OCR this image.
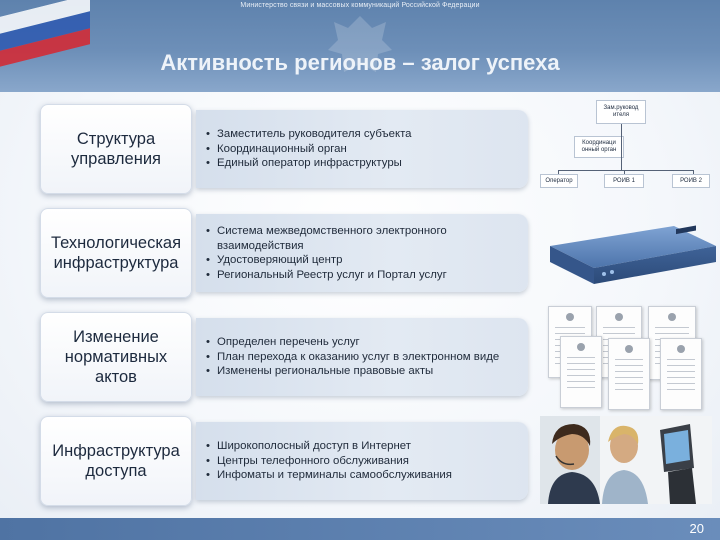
Министерство связи и массовых коммуникаций Российской Федерации
Активность регионов – залог успеха
Структура управления
• Заместитель руководителя субъекта
• Координационный орган
• Единый оператор инфраструктуры
Технологическая инфраструктура
• Система межведомственного электронного взаимодействия
• Удостоверяющий центр
• Региональный Реестр услуг и Портал услуг
Изменение нормативных актов
• Определен перечень услуг
• План перехода к оказанию услуг в электронном виде
• Изменены региональные правовые акты
Инфраструктура доступа
• Широкополосный доступ в Интернет
• Центры телефонного обслуживания
• Инфоматы и терминалы самообслуживания
Зам.руковод ителя
Координаци онный орган
Оператор	РОИВ 1	РОИВ 2
20
